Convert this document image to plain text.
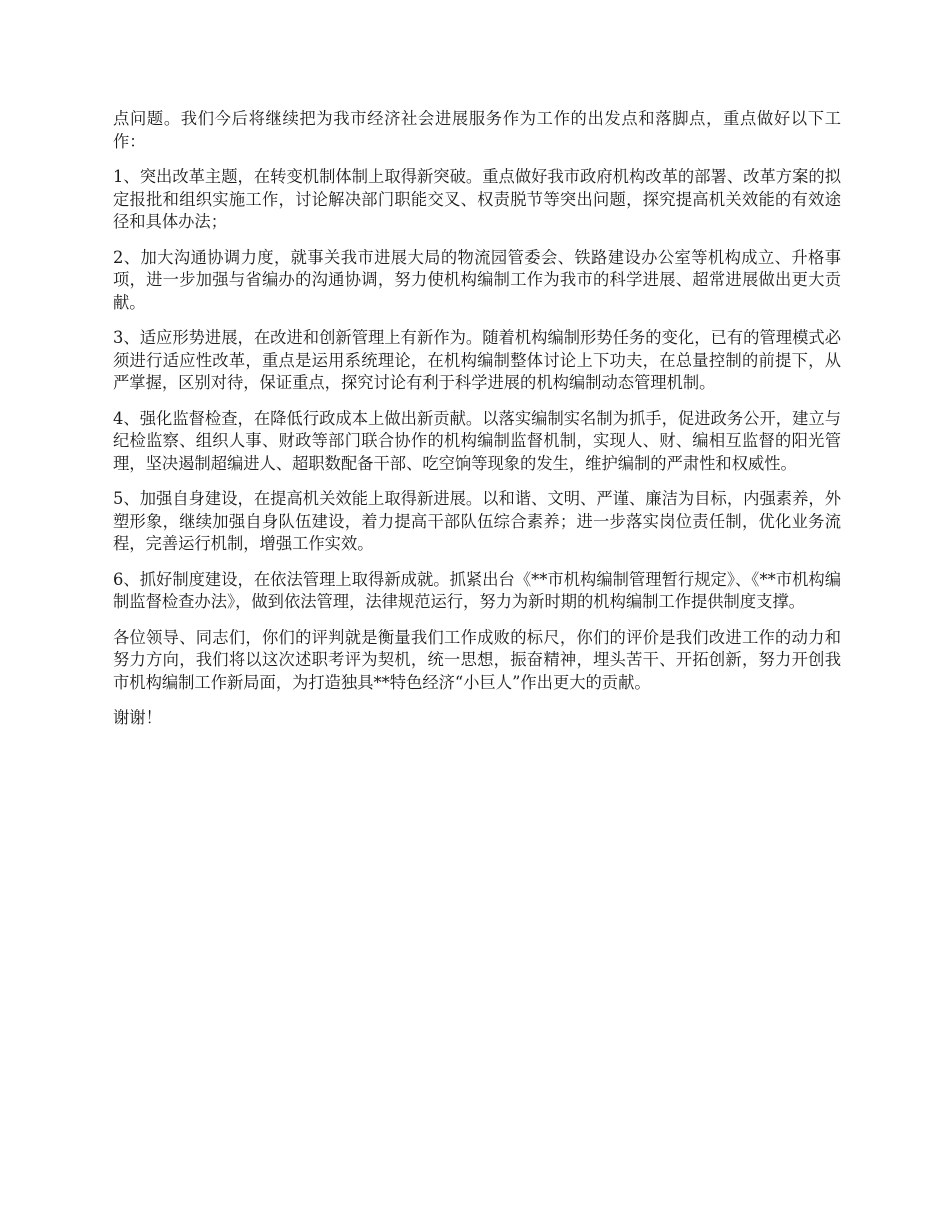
点问题。我们今后将继续把为我市经济社会进展服务作为工作的出发点和落脚点，重点做好以下工作：

1、突出改革主题，在转变机制体制上取得新突破。重点做好我市政府机构改革的部署、改革方案的拟定报批和组织实施工作，讨论解决部门职能交叉、权责脱节等突出问题，探究提高机关效能的有效途径和具体办法；

2、加大沟通协调力度，就事关我市进展大局的物流园管委会、铁路建设办公室等机构成立、升格事项，进一步加强与省编办的沟通协调，努力使机构编制工作为我市的科学进展、超常进展做出更大贡献。

3、适应形势进展，在改进和创新管理上有新作为。随着机构编制形势任务的变化，已有的管理模式必须进行适应性改革，重点是运用系统理论，在机构编制整体讨论上下功夫，在总量控制的前提下，从严掌握，区别对待，保证重点，探究讨论有利于科学进展的机构编制动态管理机制。

4、强化监督检查，在降低行政成本上做出新贡献。以落实编制实名制为抓手，促进政务公开，建立与纪检监察、组织人事、财政等部门联合协作的机构编制监督机制，实现人、财、编相互监督的阳光管理，坚决遏制超编进人、超职数配备干部、吃空饷等现象的发生，维护编制的严肃性和权威性。

5、加强自身建设，在提高机关效能上取得新进展。以和谐、文明、严谨、廉洁为目标，内强素养，外塑形象，继续加强自身队伍建设，着力提高干部队伍综合素养；进一步落实岗位责任制，优化业务流程，完善运行机制，增强工作实效。

6、抓好制度建设，在依法管理上取得新成就。抓紧出台《**市机构编制管理暂行规定》、《**市机构编制监督检查办法》，做到依法管理，法律规范运行，努力为新时期的机构编制工作提供制度支撑。

各位领导、同志们，你们的评判就是衡量我们工作成败的标尺，你们的评价是我们改进工作的动力和努力方向，我们将以这次述职考评为契机，统一思想，振奋精神，埋头苦干、开拓创新，努力开创我市机构编制工作新局面，为打造独具**特色经济“小巨人”作出更大的贡献。

谢谢！
